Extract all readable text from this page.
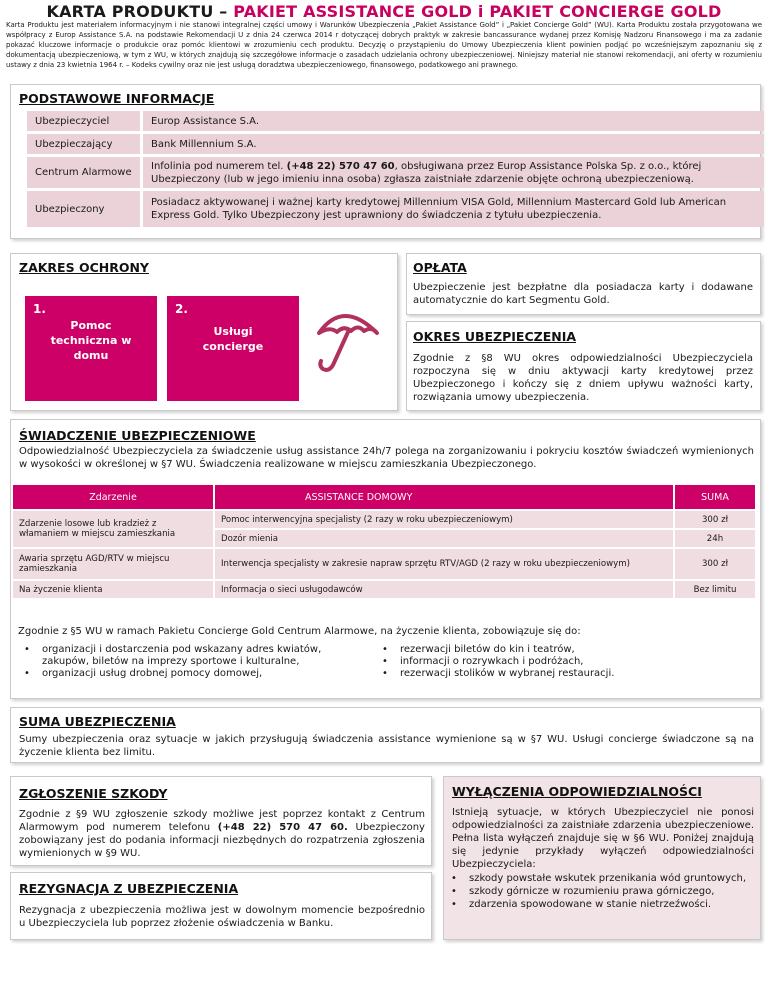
KARTA PRODUKTU – PAKIET ASSISTANCE GOLD i PAKIET CONCIERGE GOLD
Karta Produktu jest materiałem informacyjnym i nie stanowi integralnej części umowy i Warunków Ubezpieczenia „Pakiet Assistance Gold” i „Pakiet Concierge Gold” (WU). Karta Produktu została przygotowana we współpracy z Europ Assistance S.A. na podstawie Rekomendacji U z dnia 24 czerwca 2014 r dotyczącej dobrych praktyk w zakresie bancassurance wydanej przez Komisję Nadzoru Finansowego i ma za zadanie pokazać kluczowe informacje o produkcie oraz pomóc klientowi w zrozumieniu cech produktu. Decyzję o przystąpieniu do Umowy Ubezpieczenia klient powinien podjąć po wcześniejszym zapoznaniu się z dokumentacją ubezpieczeniową, w tym z WU, w których znajdują się szczegółowe informacje o zasadach udzielania ochrony ubezpieczeniowej. Niniejszy materiał nie stanowi rekomendacji, ani oferty w rozumieniu ustawy z dnia 23 kwietnia 1964 r. – Kodeks cywilny oraz nie jest usługą doradztwa ubezpieczeniowego, finansowego, podatkowego ani prawnego.
PODSTAWOWE INFORMACJE
Ubezpieczyciel	Europ Assistance S.A.
Ubezpieczający	Bank Millennium S.A.
Centrum Alarmowe	Infolinia pod numerem tel. (+48 22) 570 47 60, obsługiwana przez Europ Assistance Polska Sp. z o.o., której Ubezpieczony (lub w jego imieniu inna osoba) zgłasza zaistniałe zdarzenie objęte ochroną ubezpieczeniową.
Ubezpieczony	Posiadacz aktywowanej i ważnej karty kredytowej Millennium VISA Gold, Millennium Mastercard Gold lub American Express Gold. Tylko Ubezpieczony jest uprawniony do świadczenia z tytułu ubezpieczenia.
ZAKRES OCHRONY
1.
Pomoc techniczna w domu
2.
Usługi concierge
OPŁATA
Ubezpieczenie jest bezpłatne dla posiadacza karty i dodawane automatycznie do kart Segmentu Gold.
OKRES UBEZPIECZENIA
Zgodnie z §8 WU okres odpowiedzialności Ubezpieczyciela rozpoczyna się w dniu aktywacji karty kredytowej przez Ubezpieczonego i kończy się z dniem upływu ważności karty, rozwiązania umowy ubezpieczenia.
ŚWIADCZENIE UBEZPIECZENIOWE
Odpowiedzialność Ubezpieczyciela za świadczenie usług assistance 24h/7 polega na zorganizowaniu i pokryciu kosztów świadczeń wymienionych w wysokości w określonej w §7 WU. Świadczenia realizowane w miejscu zamieszkania Ubezpieczonego.
Zdarzenie	ASSISTANCE DOMOWY	SUMA
Zdarzenie losowe lub kradzież z włamaniem w miejscu zamieszkania	Pomoc interwencyjna specjalisty (2 razy w roku ubezpieczeniowym)	300 zł
	Dozór mienia	24h
Awaria sprzętu AGD/RTV w miejscu zamieszkania	Interwencja specjalisty w zakresie napraw sprzętu RTV/AGD (2 razy w roku ubezpieczeniowym)	300 zł
Na życzenie klienta	Informacja o sieci usługodawców	Bez limitu
Zgodnie z §5 WU w ramach Pakietu Concierge Gold Centrum Alarmowe, na życzenie klienta, zobowiązuje się do:
• organizacji i dostarczenia pod wskazany adres kwiatów, zakupów, biletów na imprezy sportowe i kulturalne,
• organizacji usług drobnej pomocy domowej,
• rezerwacji biletów do kin i teatrów,
• informacji o rozrywkach i podróżach,
• rezerwacji stolików w wybranej restauracji.
SUMA UBEZPIECZENIA
Sumy ubezpieczenia oraz sytuacje w jakich przysługują świadczenia assistance wymienione są w §7 WU. Usługi concierge świadczone są na życzenie klienta bez limitu.
ZGŁOSZENIE SZKODY
Zgodnie z §9 WU zgłoszenie szkody możliwe jest poprzez kontakt z Centrum Alarmowym pod numerem telefonu (+48 22) 570 47 60. Ubezpieczony zobowiązany jest do podania informacji niezbędnych do rozpatrzenia zgłoszenia wymienionych w §9 WU.
REZYGNACJA Z UBEZPIECZENIA
Rezygnacja z ubezpieczenia możliwa jest w dowolnym momencie bezpośrednio u Ubezpieczyciela lub poprzez złożenie oświadczenia w Banku.
WYŁĄCZENIA ODPOWIEDZIALNOŚCI
Istnieją sytuacje, w których Ubezpieczyciel nie ponosi odpowiedzialności za zaistniałe zdarzenia ubezpieczeniowe. Pełna lista wyłączeń znajduje się w §6 WU. Poniżej znajdują się jedynie przykłady wyłączeń odpowiedzialności Ubezpieczyciela:
• szkody powstałe wskutek przenikania wód gruntowych,
• szkody górnicze w rozumieniu prawa górniczego,
• zdarzenia spowodowane w stanie nietrzeźwości.
